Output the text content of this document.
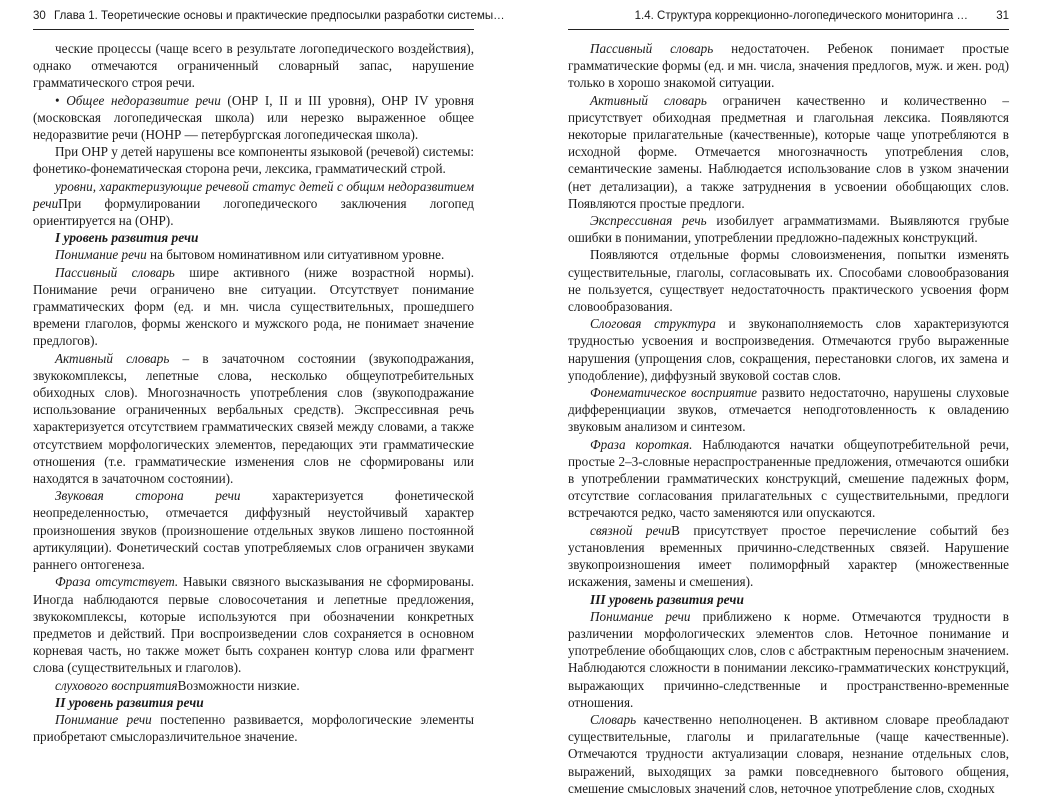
30 Глава 1. Теоретические основы и практические предпосылки разработки системы…

ческие процессы (чаще всего в результате логопедического воздействия), однако отмечаются ограниченный словарный запас, нарушение грамматического строя речи.

• Общее недоразвитие речи (ОНР I, II и III уровня), ОНР IV уровня (московская логопедическая школа) или нерезко выраженное общее недоразвитие речи (НОНР — петербургская логопедическая школа).

При ОНР у детей нарушены все компоненты языковой (речевой) системы: фонетико-фонематическая сторона речи, лексика, грамматический строй.

уровни, характеризующие речевой статус детей с общим недоразвитием речиПри формулировании логопедического заключения логопед ориентируется на (ОНР).

I уровень развития речи

Понимание речи на бытовом номинативном или ситуативном уровне.

Пассивный словарь шире активного (ниже возрастной нормы). Понимание речи ограничено вне ситуации. Отсутствует понимание грамматических форм (ед. и мн. числа существительных, прошедшего времени глаголов, формы женского и мужского рода, не понимает значение предлогов).

Активный словарь – в зачаточном состоянии (звукоподражания, звукокомплексы, лепетные слова, несколько общеупотребительных обиходных слов). Многозначность употребления слов (звукоподражание использование ограниченных вербальных средств). Экспрессивная речь характеризуется отсутствием грамматических связей между словами, а также отсутствием морфологических элементов, передающих эти грамматические отношения (т.е. грамматические изменения слов не сформированы или находятся в зачаточном состоянии).

Звуковая сторона речи характеризуется фонетической неопределенностью, отмечается диффузный неустойчивый характер произношения звуков (произношение отдельных звуков лишено постоянной артикуляции). Фонетический состав употребляемых слов ограничен звуками раннего онтогенеза.

Фраза отсутствует. Навыки связного высказывания не сформированы. Иногда наблюдаются первые словосочетания и лепетные предложения, звукокомплексы, которые используются при обозначении конкретных предметов и действий. При воспроизведении слов сохраняется в основном корневая часть, но также может быть сохранен контур слова или фрагмент слова (существительных и глаголов).

слухового восприятияВозможности низкие.

II уровень развития речи

Понимание речи постепенно развивается, морфологические элементы приобретают смыслоразличительное значение.

1.4. Структура коррекционно-логопедического мониторинга … 31

Пассивный словарь недостаточен. Ребенок понимает простые грамматические формы (ед. и мн. числа, значения предлогов, муж. и жен. род) только в хорошо знакомой ситуации.

Активный словарь ограничен качественно и количественно – присутствует обиходная предметная и глагольная лексика. Появляются некоторые прилагательные (качественные), которые чаще употребляются в исходной форме. Отмечается многозначность употребления слов, семантические замены. Наблюдается использование слов в узком значении (нет детализации), а также затруднения в усвоении обобщающих слов. Появляются простые предлоги.

Экспрессивная речь изобилует аграмматизмами. Выявляются грубые ошибки в понимании, употреблении предложно-падежных конструкций.

Появляются отдельные формы словоизменения, попытки изменять существительные, глаголы, согласовывать их. Способами словообразования не пользуется, существует недостаточность практического усвоения форм словообразования.

Слоговая структура и звуконаполняемость слов характеризуются трудностью усвоения и воспроизведения. Отмечаются грубо выраженные нарушения (упрощения слов, сокращения, перестановки слогов, их замена и уподобление), диффузный звуковой состав слов.

Фонематическое восприятие развито недостаточно, нарушены слуховые дифференциации звуков, отмечается неподготовленность к овладению звуковым анализом и синтезом.

Фраза короткая. Наблюдаются начатки общеупотребительной речи, простые 2–3-словные нераспространенные предложения, отмечаются ошибки в употреблении грамматических конструкций, смешение падежных форм, отсутствие согласования прилагательных с существительными, предлоги встречаются редко, часто заменяются или опускаются.

связной речиВ присутствует простое перечисление событий без установления временных причинно-следственных связей. Нарушение звукопроизношения имеет полиморфный характер (множественные искажения, замены и смешения).

III уровень развития речи

Понимание речи приближено к норме. Отмечаются трудности в различении морфологических элементов слов. Неточное понимание и употребление обобщающих слов, слов с абстрактным переносным значением. Наблюдаются сложности в понимании лексико-грамматических конструкций, выражающих причинно-следственные и пространственно-временные отношения.

Словарь качественно неполноценен. В активном словаре преобладают существительные, глаголы и прилагательные (чаще качественные). Отмечаются трудности актуализации словаря, незнание отдельных слов, выражений, выходящих за рамки повседневного бытового общения, смешение смысловых значений слов, неточное употребление слов, сходных
